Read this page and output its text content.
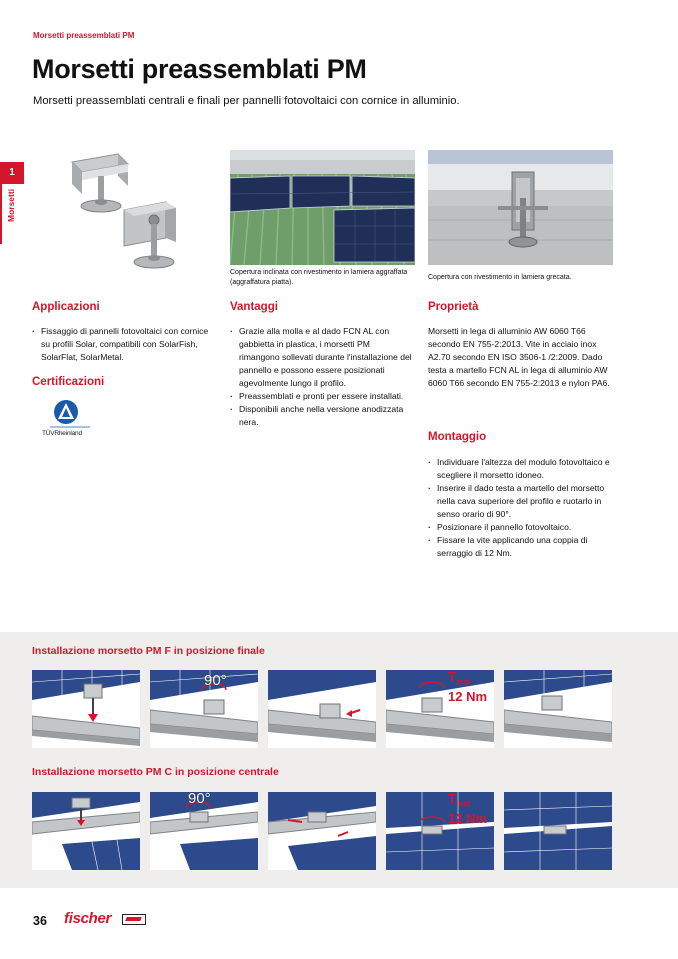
Morsetti preassemblati PM
Morsetti preassemblati PM
Morsetti preassemblati centrali e finali per pannelli fotovoltaici con cornice in alluminio.
1
Morsetti
Copertura inclinata con rivestimento in lamiera aggraffata (aggraffatura piatta).
Copertura con rivestimento in lamiera grecata.
Applicazioni
· Fissaggio di pannelli fotovoltaici con cornice su profili Solar, compatibili con SolarFish, SolarFlat, SolarMetal.
Certificazioni
TÜVRheinland
Vantaggi
· Grazie alla molla e al dado FCN AL con gabbietta in plastica, i morsetti PM rimangono sollevati durante l'installazione del pannello e possono essere posizionati agevolmente lungo il profilo.
· Preassemblati e pronti per essere installati.
· Disponibili anche nella versione anodizzata nera.
Proprietà

Morsetti in lega di alluminio AW 6060 T66 secondo EN 755-2:2013. Vite in acciaio inox A2.70 secondo EN ISO 3506-1 /2:2009. Dado testa a martello FCN AL in lega di alluminio AW 6060 T66 secondo EN 755-2:2013 e nylon PA6.

Montaggio
· Individuare l'altezza del modulo fotovoltaico e scegliere il morsetto idoneo.
· Inserire il dado testa a martello del morsetto nella cava superiore del profilo e ruotarlo in senso orario di 90°.
· Posizionare il pannello fotovoltaico.
· Fissare la vite applicando una coppia di serraggio di 12 Nm.
Installazione morsetto PM F in posizione finale
90°	$T_{inst}$
12 Nm
Installazione morsetto PM C in posizione centrale
90°	$T_{inst}$
12 Nm
36 fischer
